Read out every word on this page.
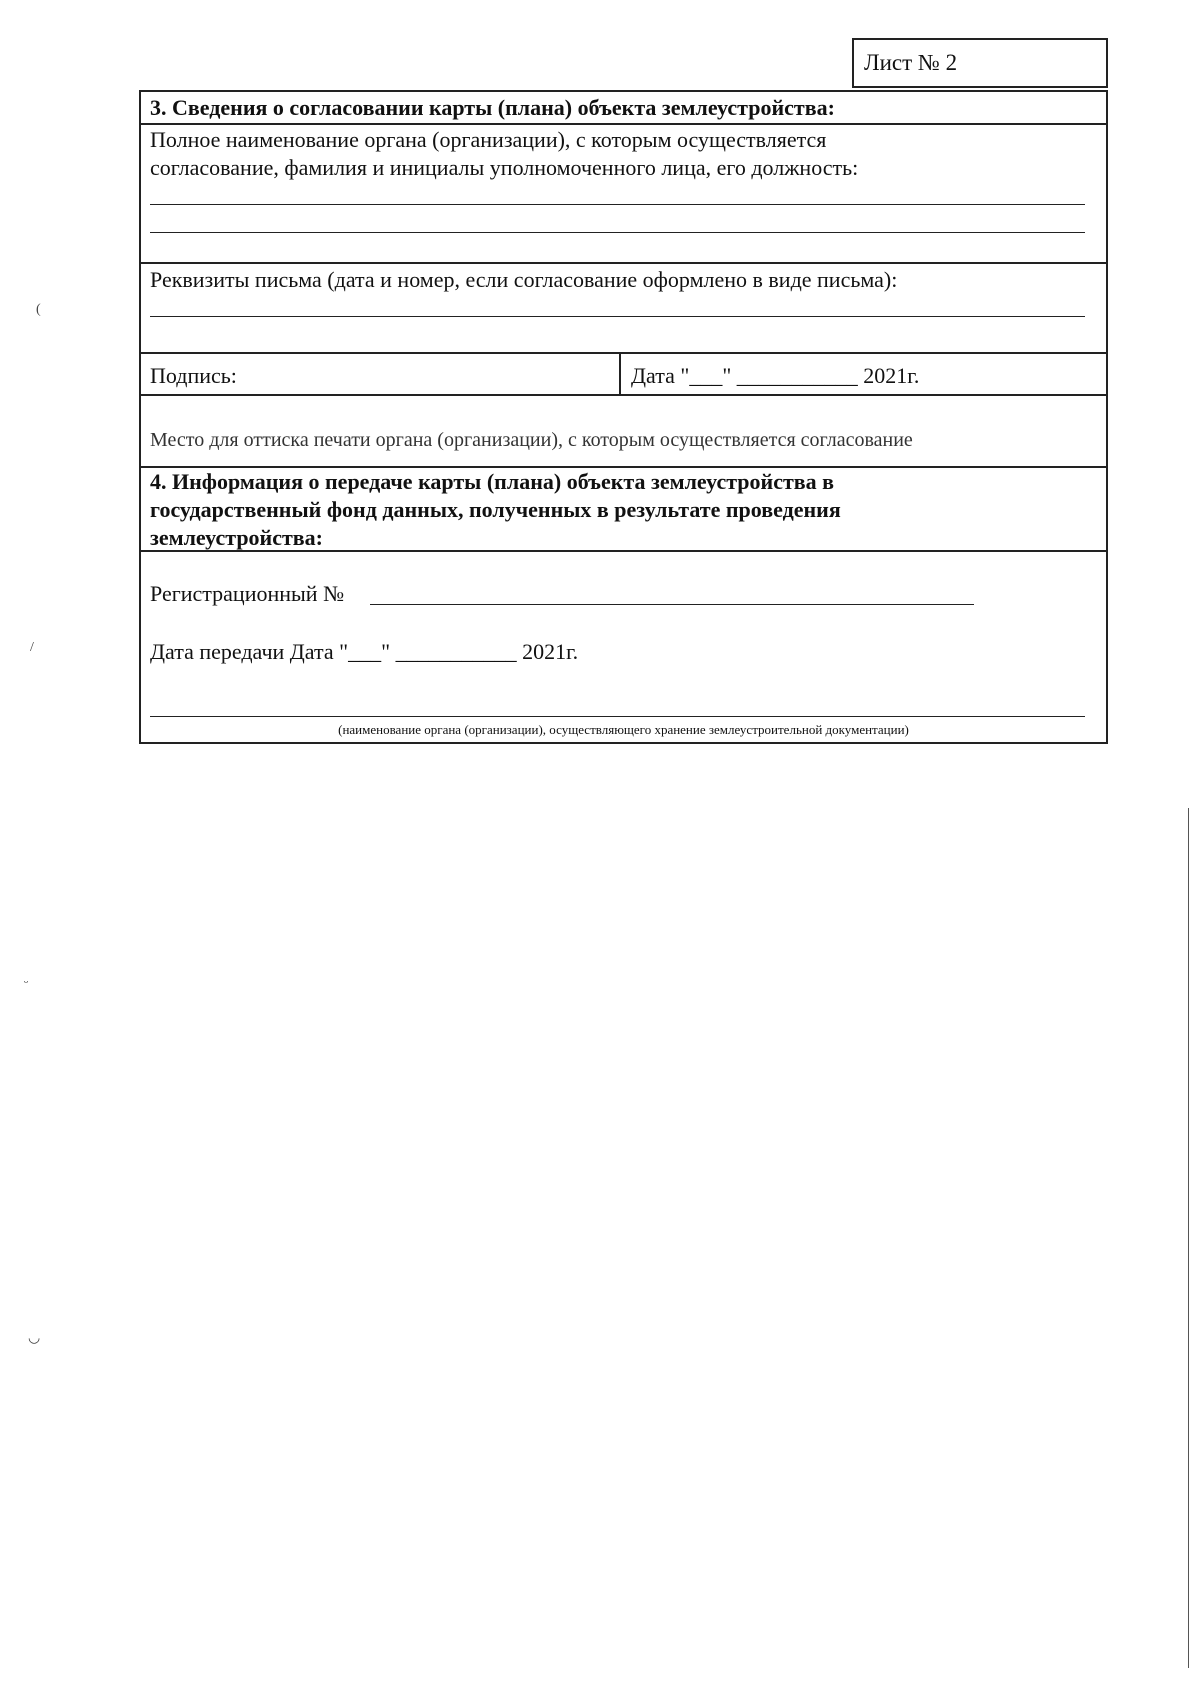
Лист № 2
3. Сведения о согласовании карты (плана) объекта землеустройства:
Полное наименование органа (организации), с которым осуществляется
согласование, фамилия и инициалы уполномоченного лица, его должность:
Реквизиты письма (дата и номер, если согласование оформлено в виде письма):
Подпись:	Дата "___" ___________ 2021г.
Место для оттиска печати органа (организации), с которым осуществляется согласование
4. Информация о передаче карты (плана) объекта землеустройства в
государственный фонд данных, полученных в результате проведения
землеустройства:
Регистрационный №
Дата передачи Дата "___" ___________ 2021г.
(наименование органа (организации), осуществляющего хранение землеустроительной документации)
(
/
ᵕ
◡
